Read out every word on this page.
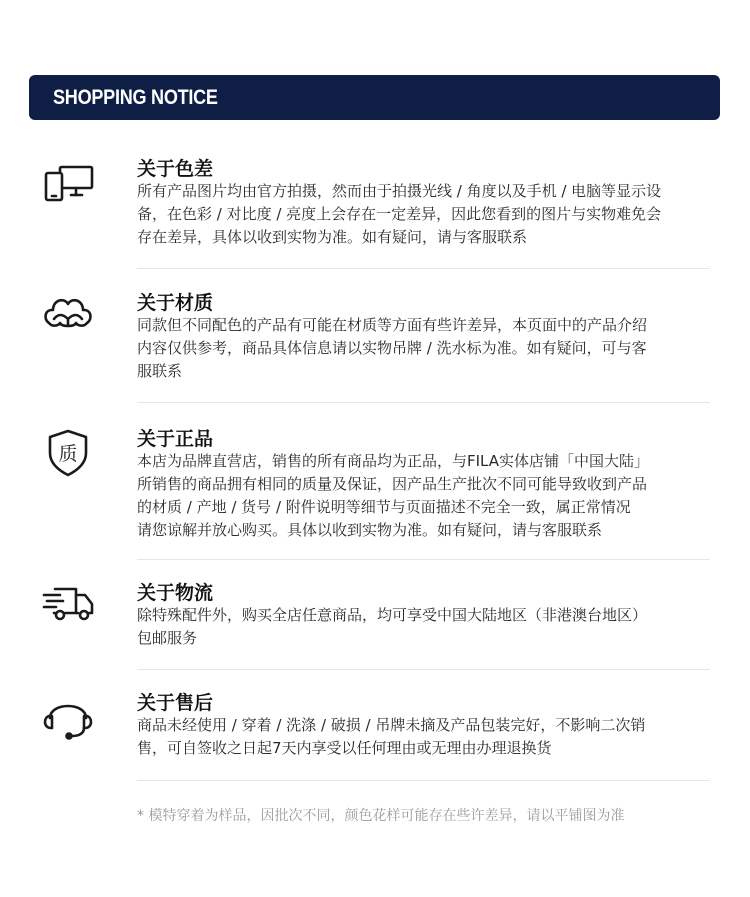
SHOPPING NOTICE
关于色差
所有产品图片均由官方拍摄，然而由于拍摄光线 / 角度以及手机 / 电脑等显示设
备，在色彩 / 对比度 / 亮度上会存在一定差异，因此您看到的图片与实物难免会
存在差异，具体以收到实物为准。如有疑问，请与客服联系
关于材质
同款但不同配色的产品有可能在材质等方面有些许差异，本页面中的产品介绍
内容仅供参考，商品具体信息请以实物吊牌 / 洗水标为准。如有疑问，可与客
服联系
质
关于正品
本店为品牌直营店，销售的所有商品均为正品，与FILA实体店铺「中国大陆」
所销售的商品拥有相同的质量及保证，因产品生产批次不同可能导致收到产品
的材质 / 产地 / 货号 / 附件说明等细节与页面描述不完全一致，属正常情况
请您谅解并放心购买。具体以收到实物为准。如有疑问，请与客服联系
关于物流
除特殊配件外，购买全店任意商品，均可享受中国大陆地区（非港澳台地区）
包邮服务
关于售后
商品未经使用 / 穿着 / 洗涤 / 破损 / 吊牌未摘及产品包装完好，不影响二次销
售，可自签收之日起7天内享受以任何理由或无理由办理退换货
* 模特穿着为样品，因批次不同，颜色花样可能存在些许差异，请以平铺图为准
